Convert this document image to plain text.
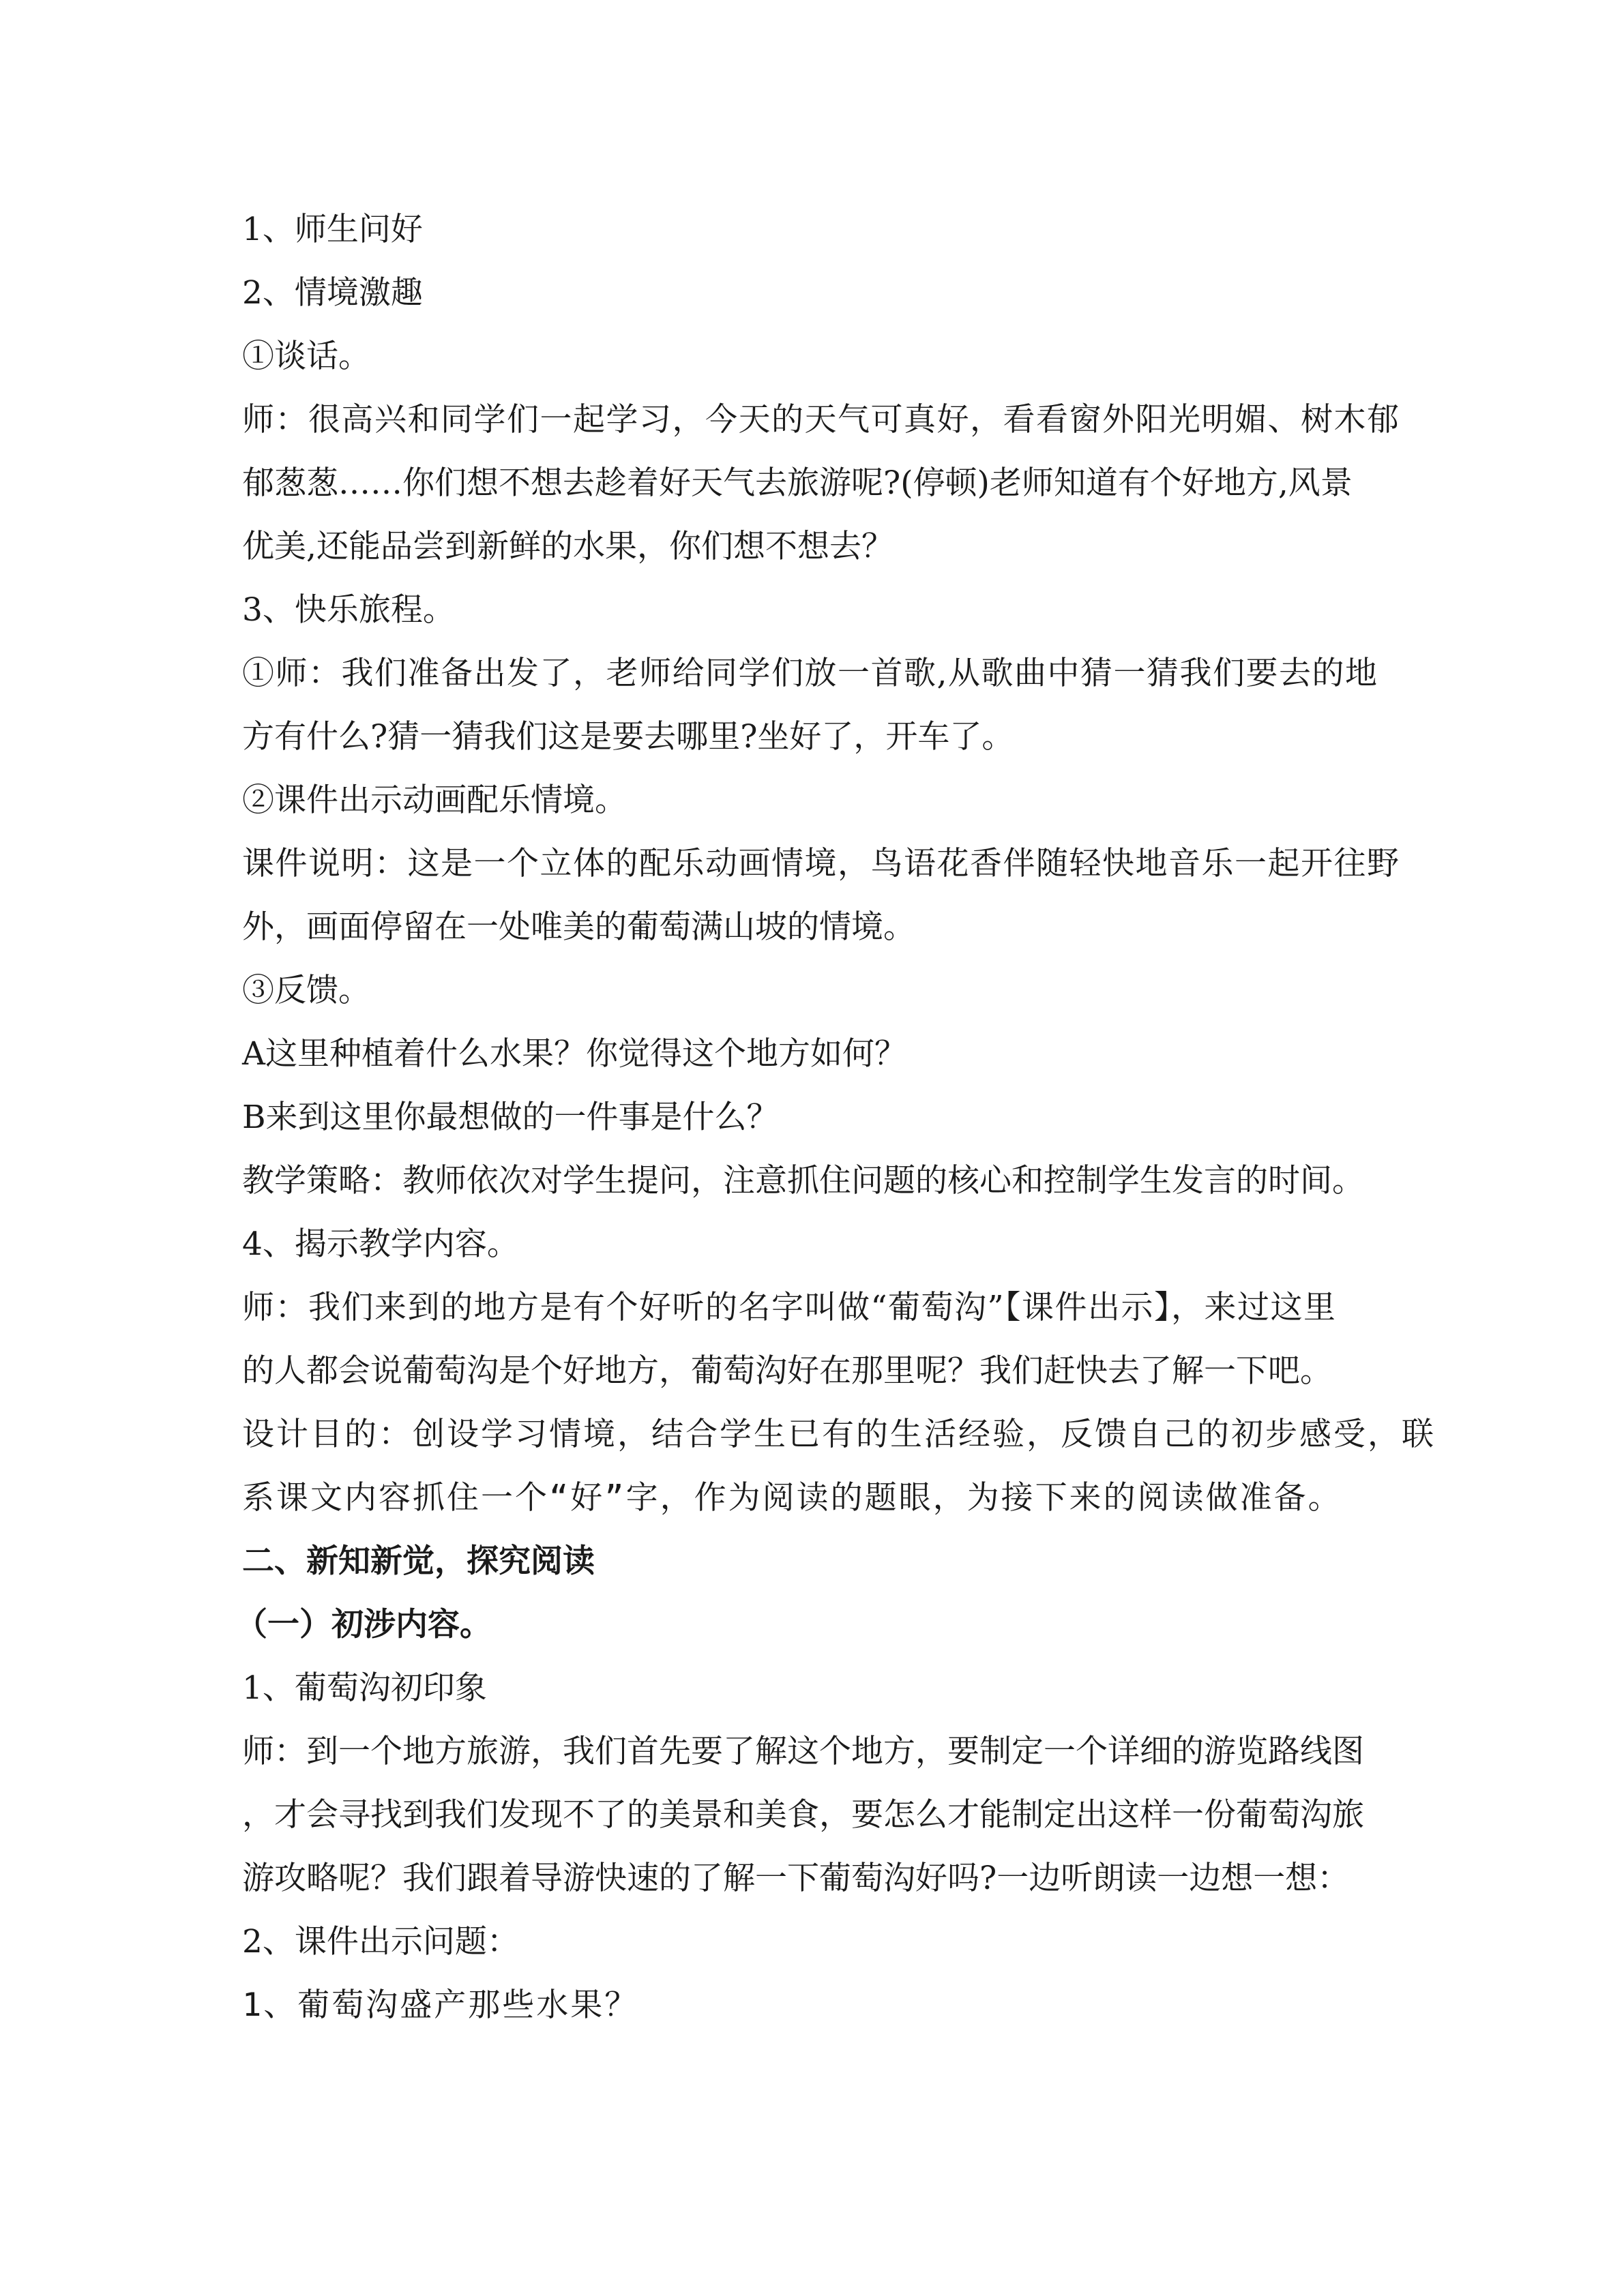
1、师生问好
2、情境激趣
①谈话。
师：很高兴和同学们一起学习，今天的天气可真好，看看窗外阳光明媚、树木郁
郁葱葱……你们想不想去趁着好天气去旅游呢?(停顿)老师知道有个好地方,风景
优美,还能品尝到新鲜的水果，你们想不想去？
3、快乐旅程。
①师：我们准备出发了，老师给同学们放一首歌,从歌曲中猜一猜我们要去的地
方有什么?猜一猜我们这是要去哪里?坐好了，开车了。
②课件出示动画配乐情境。
课件说明：这是一个立体的配乐动画情境，鸟语花香伴随轻快地音乐一起开往野
外，画面停留在一处唯美的葡萄满山坡的情境。
③反馈。
A这里种植着什么水果？你觉得这个地方如何？
B来到这里你最想做的一件事是什么？
教学策略：教师依次对学生提问，注意抓住问题的核心和控制学生发言的时间。
4、揭示教学内容。
师：我们来到的地方是有个好听的名字叫做“葡萄沟”【课件出示】，来过这里
的人都会说葡萄沟是个好地方，葡萄沟好在那里呢？我们赶快去了解一下吧。
设计目的：创设学习情境，结合学生已有的生活经验，反馈自己的初步感受，联
系课文内容抓住一个“好”字，作为阅读的题眼，为接下来的阅读做准备。
二、新知新觉，探究阅读
（一）初涉内容。
1、葡萄沟初印象
师：到一个地方旅游，我们首先要了解这个地方，要制定一个详细的游览路线图
，才会寻找到我们发现不了的美景和美食，要怎么才能制定出这样一份葡萄沟旅
游攻略呢？我们跟着导游快速的了解一下葡萄沟好吗?一边听朗读一边想一想：
2、课件出示问题：
1、葡萄沟盛产那些水果？
